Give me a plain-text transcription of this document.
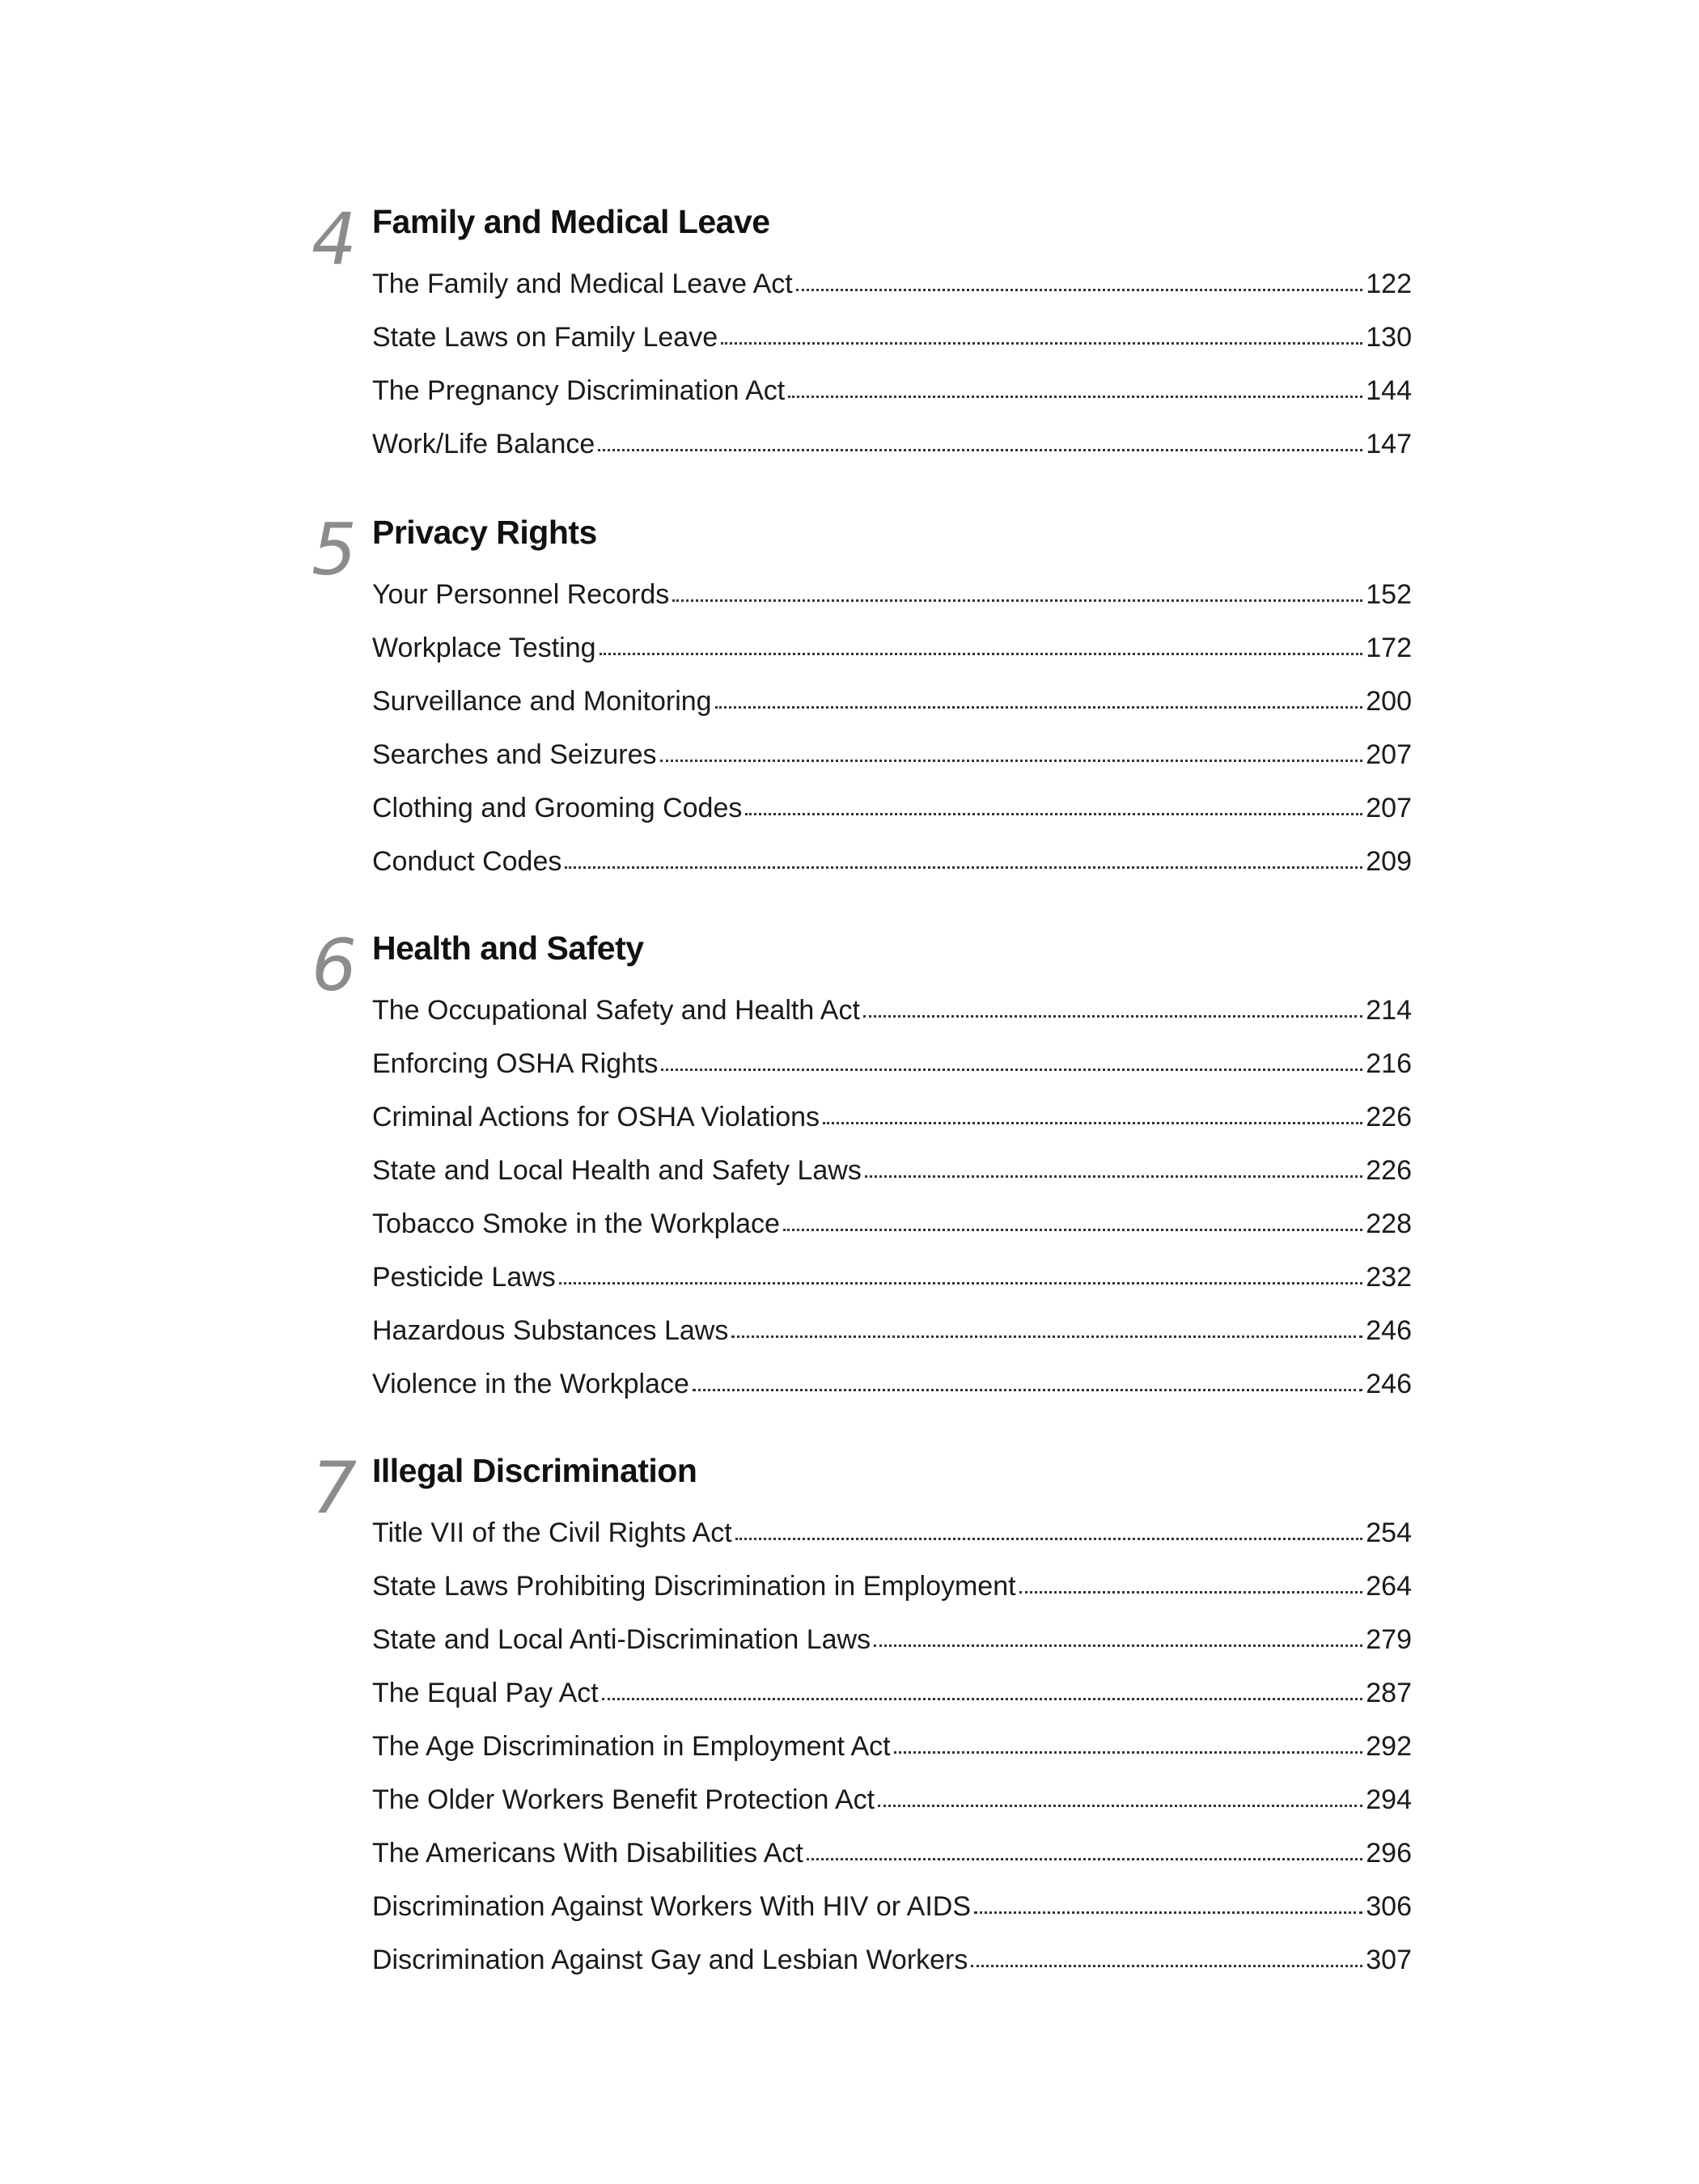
4 Family and Medical Leave
The Family and Medical Leave Act	122
State Laws on Family Leave	130
The Pregnancy Discrimination Act	144
Work/Life Balance	147
5 Privacy Rights
Your Personnel Records	152
Workplace Testing	172
Surveillance and Monitoring	200
Searches and Seizures	207
Clothing and Grooming Codes	207
Conduct Codes	209
6 Health and Safety
The Occupational Safety and Health Act	214
Enforcing OSHA Rights	216
Criminal Actions for OSHA Violations	226
State and Local Health and Safety Laws	226
Tobacco Smoke in the Workplace	228
Pesticide Laws	232
Hazardous Substances Laws	246
Violence in the Workplace	246
7 Illegal Discrimination
Title VII of the Civil Rights Act	254
State Laws Prohibiting Discrimination in Employment	264
State and Local Anti-Discrimination Laws	279
The Equal Pay Act	287
The Age Discrimination in Employment Act	292
The Older Workers Benefit Protection Act	294
The Americans With Disabilities Act	296
Discrimination Against Workers With HIV or AIDS	306
Discrimination Against Gay and Lesbian Workers	307
